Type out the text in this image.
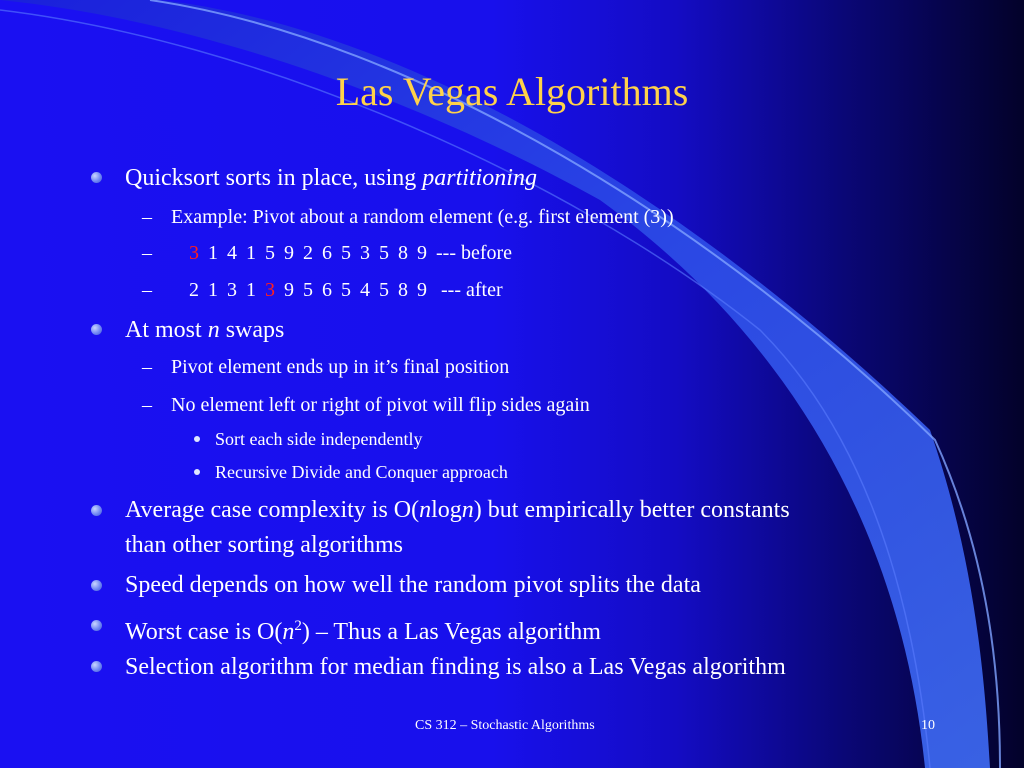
Las Vegas Algorithms
Quicksort sorts in place, using partitioning
– Example: Pivot about a random element (e.g. first element (3))
– 3 1 4 1 5 9 2 6 5 3 5 8 9 --- before
– 2 1 3 1 3 9 5 6 5 4 5 8 9 --- after
At most n swaps
– Pivot element ends up in it’s final position
– No element left or right of pivot will flip sides again
Sort each side independently
Recursive Divide and Conquer approach
Average case complexity is O(nlogn) but empirically better constants
than other sorting algorithms
Speed depends on how well the random pivot splits the data
Worst case is $O(n^2)$ – Thus a Las Vegas algorithm
Selection algorithm for median finding is also a Las Vegas algorithm
CS 312 – Stochastic Algorithms	10
